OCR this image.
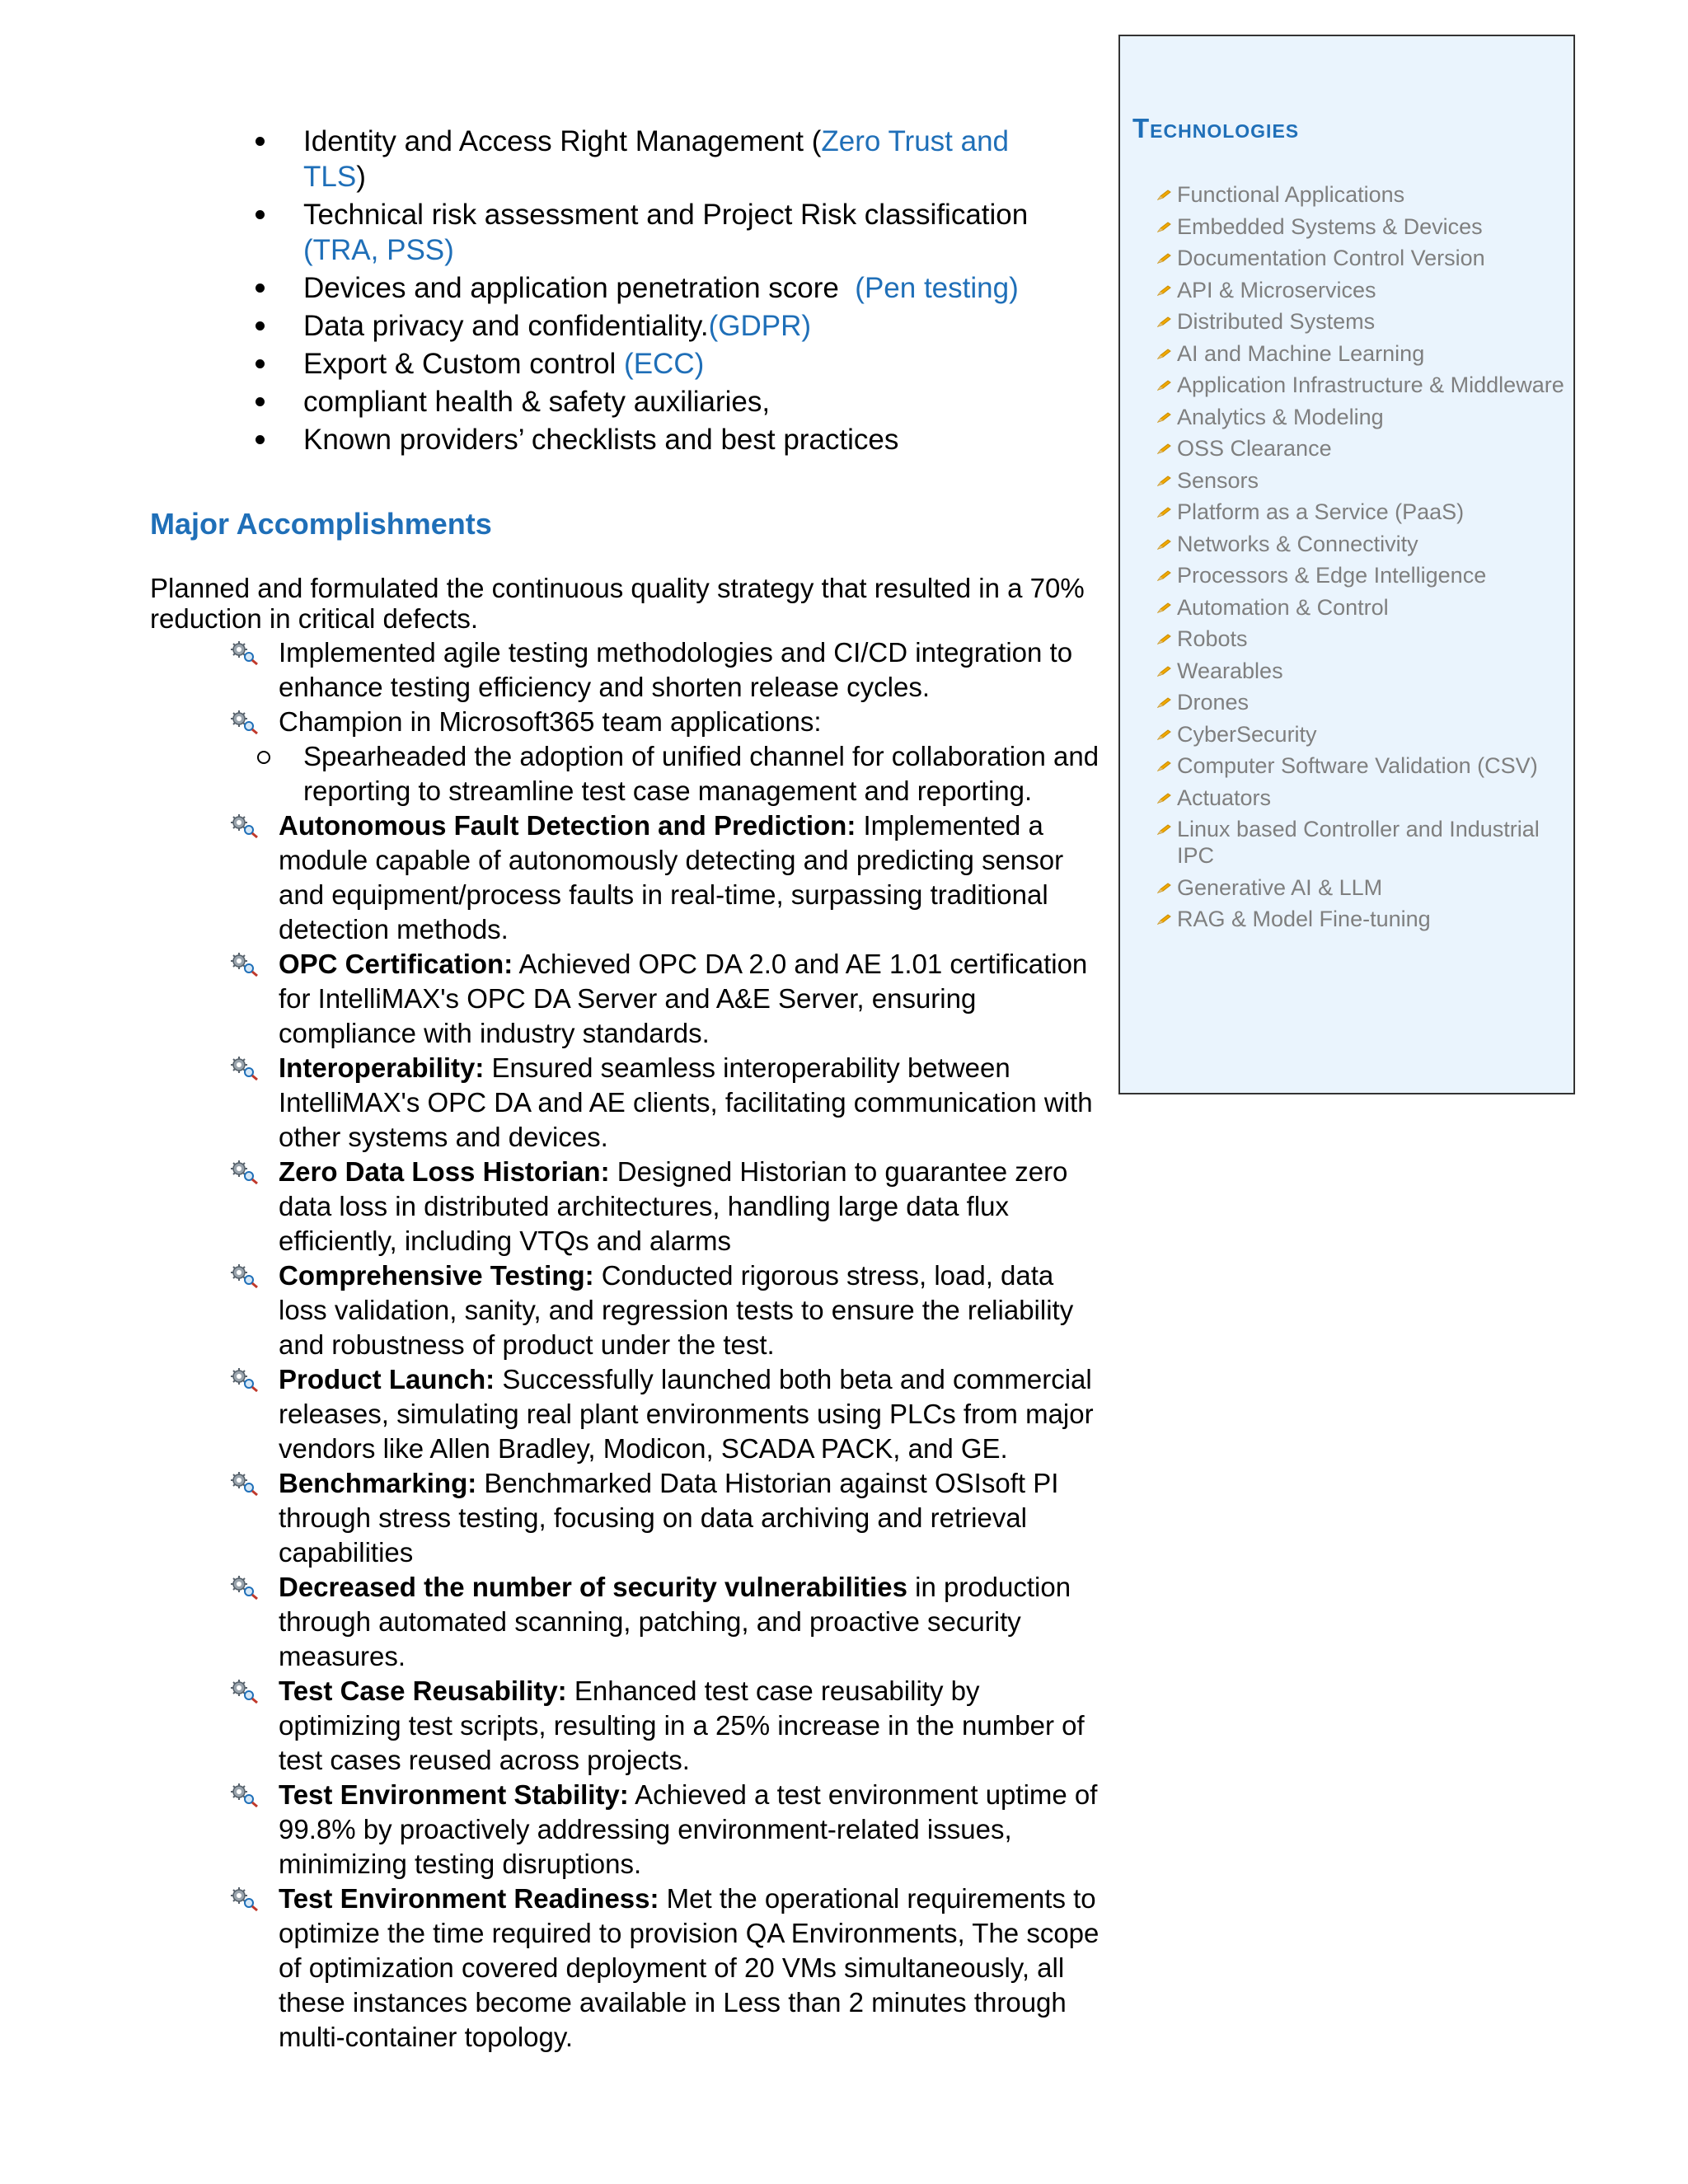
Identity and Access Right Management (Zero Trust and TLS)
Technical risk assessment and Project Risk classification (TRA, PSS)
Devices and application penetration score  (Pen testing)
Data privacy and confidentiality.(GDPR)
Export & Custom control (ECC)
compliant health & safety auxiliaries,
Known providers’ checklists and best practices
Major Accomplishments

Planned and formulated the continuous quality strategy that resulted in a 70% reduction in critical defects.

Implemented agile testing methodologies and CI/CD integration to enhance testing efficiency and shorten release cycles.
Champion in Microsoft365 team applications:
Spearheaded the adoption of unified channel for collaboration and reporting to streamline test case management and reporting.
Autonomous Fault Detection and Prediction: Implemented a module capable of autonomously detecting and predicting sensor and equipment/process faults in real-time, surpassing traditional detection methods.
OPC Certification: Achieved OPC DA 2.0 and AE 1.01 certification for IntelliMAX's OPC DA Server and A&E Server, ensuring compliance with industry standards.
Interoperability: Ensured seamless interoperability between IntelliMAX's OPC DA and AE clients, facilitating communication with other systems and devices.
Zero Data Loss Historian: Designed Historian to guarantee zero data loss in distributed architectures, handling large data flux efficiently, including VTQs and alarms
Comprehensive Testing: Conducted rigorous stress, load, data loss validation, sanity, and regression tests to ensure the reliability and robustness of product under the test.
Product Launch: Successfully launched both beta and commercial releases, simulating real plant environments using PLCs from major vendors like Allen Bradley, Modicon, SCADA PACK, and GE.
Benchmarking: Benchmarked Data Historian against OSIsoft PI through stress testing, focusing on data archiving and retrieval capabilities
Decreased the number of security vulnerabilities in production through automated scanning, patching, and proactive security measures.
Test Case Reusability: Enhanced test case reusability by optimizing test scripts, resulting in a 25% increase in the number of test cases reused across projects.
Test Environment Stability: Achieved a test environment uptime of 99.8% by proactively addressing environment-related issues, minimizing testing disruptions.
Test Environment Readiness: Met the operational requirements to optimize the time required to provision QA Environments, The scope of optimization covered deployment of 20 VMs simultaneously, all these instances become available in Less than 2 minutes through multi-container topology.
Technologies
Functional Applications
Embedded Systems & Devices
Documentation Control Version
API & Microservices
Distributed Systems
AI and Machine Learning
Application Infrastructure & Middleware
Analytics & Modeling
OSS Clearance
Sensors
Platform as a Service (PaaS)
Networks & Connectivity
Processors & Edge Intelligence
Automation & Control
Robots
Wearables
Drones
CyberSecurity
Computer Software Validation (CSV)
Actuators
Linux based Controller and Industrial IPC
Generative AI & LLM
RAG & Model Fine-tuning
